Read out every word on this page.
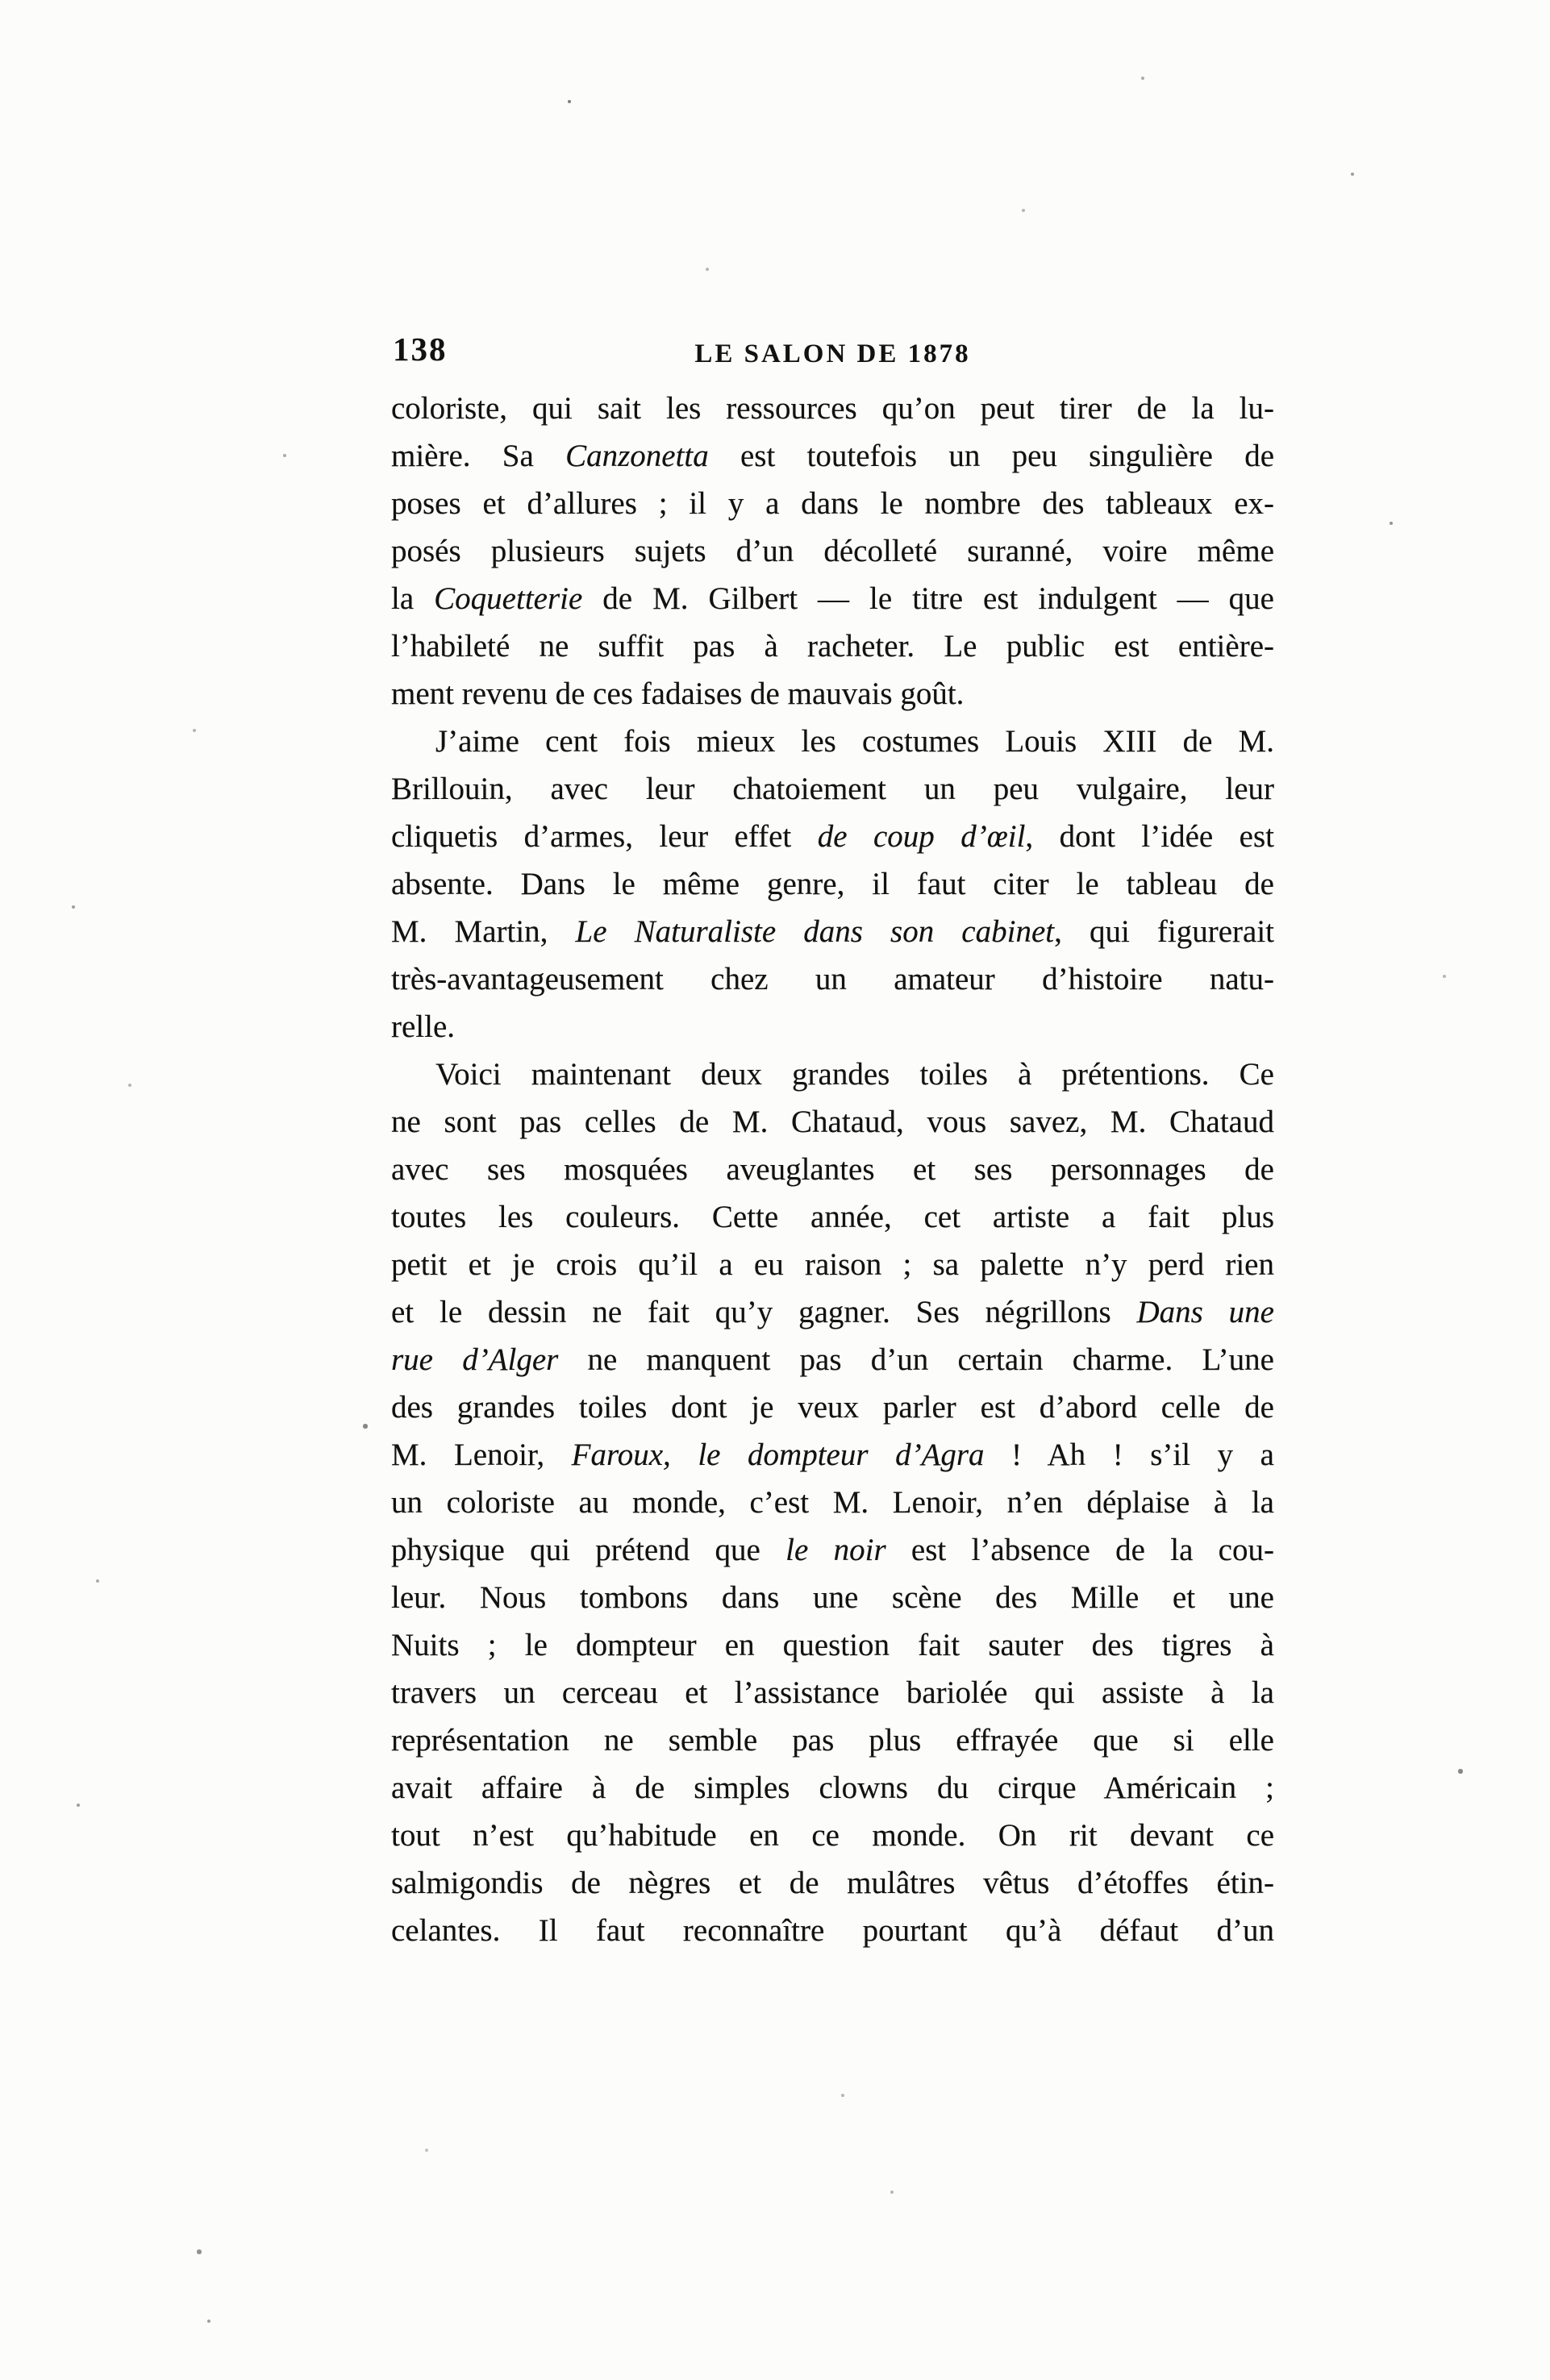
138	LE SALON DE 1878
coloriste, qui sait les ressources qu’on peut tirer de la lu-
mière. Sa Canzonetta est toutefois un peu singulière de
poses et d’allures ; il y a dans le nombre des tableaux ex-
posés plusieurs sujets d’un décolleté suranné, voire même
la Coquetterie de M. Gilbert — le titre est indulgent — que
l’habileté ne suffit pas à racheter. Le public est entière-
ment revenu de ces fadaises de mauvais goût.
J’aime cent fois mieux les costumes Louis XIII de M.
Brillouin, avec leur chatoiement un peu vulgaire, leur
cliquetis d’armes, leur effet de coup d’œil, dont l’idée est
absente. Dans le même genre, il faut citer le tableau de
M. Martin, Le Naturaliste dans son cabinet, qui figurerait
très-avantageusement chez un amateur d’histoire natu-
relle.
Voici maintenant deux grandes toiles à prétentions. Ce
ne sont pas celles de M. Chataud, vous savez, M. Chataud
avec ses mosquées aveuglantes et ses personnages de
toutes les couleurs. Cette année, cet artiste a fait plus
petit et je crois qu’il a eu raison ; sa palette n’y perd rien
et le dessin ne fait qu’y gagner. Ses négrillons Dans une
rue d’Alger ne manquent pas d’un certain charme. L’une
des grandes toiles dont je veux parler est d’abord celle de
M. Lenoir, Faroux, le dompteur d’Agra ! Ah ! s’il y a
un coloriste au monde, c’est M. Lenoir, n’en déplaise à la
physique qui prétend que le noir est l’absence de la cou-
leur. Nous tombons dans une scène des Mille et une
Nuits ; le dompteur en question fait sauter des tigres à
travers un cerceau et l’assistance bariolée qui assiste à la
représentation ne semble pas plus effrayée que si elle
avait affaire à de simples clowns du cirque Américain ;
tout n’est qu’habitude en ce monde. On rit devant ce
salmigondis de nègres et de mulâtres vêtus d’étoffes étin-
celantes. Il faut reconnaître pourtant qu’à défaut d’un
